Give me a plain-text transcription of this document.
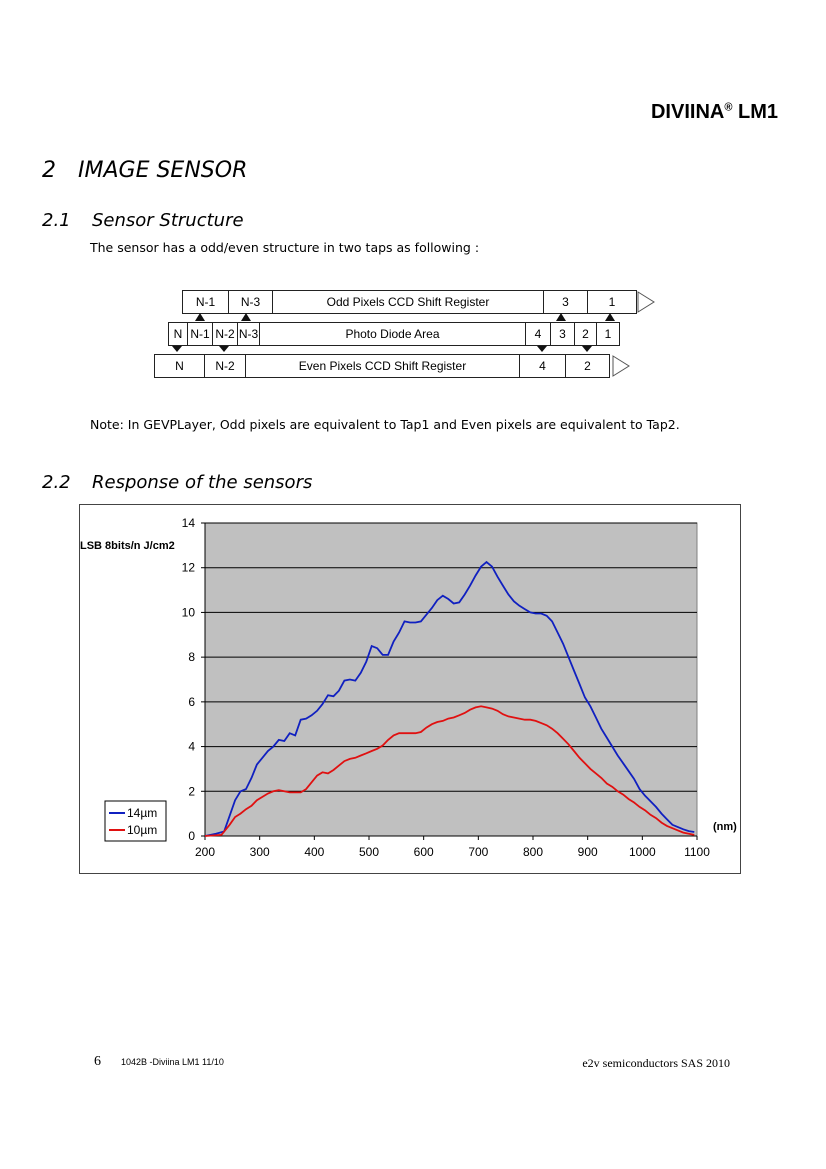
DIVIINA® LM1
2 IMAGE SENSOR
2.1 Sensor Structure
The sensor has a odd/even structure in two taps as following :
N-1	N-3	Odd Pixels CCD Shift Register	3	1
N N-1 N-2 N-3	Photo Diode Area	4	3	2	1
N	N-2	Even Pixels CCD Shift Register	4	2
Note: In GEVPLayer, Odd pixels are equivalent to Tap1 and Even pixels are equivalent to Tap2.
2.2 Response of the sensors
0
2
4
6
8
10
12
14
200	300	400	500	600	700	800	900	1000 1100
LSB 8bits/n J/cm2
(nm)
14µm
10µm
6 1042B -Diviina LM1 11/10	e2v semiconductors SAS 2010
